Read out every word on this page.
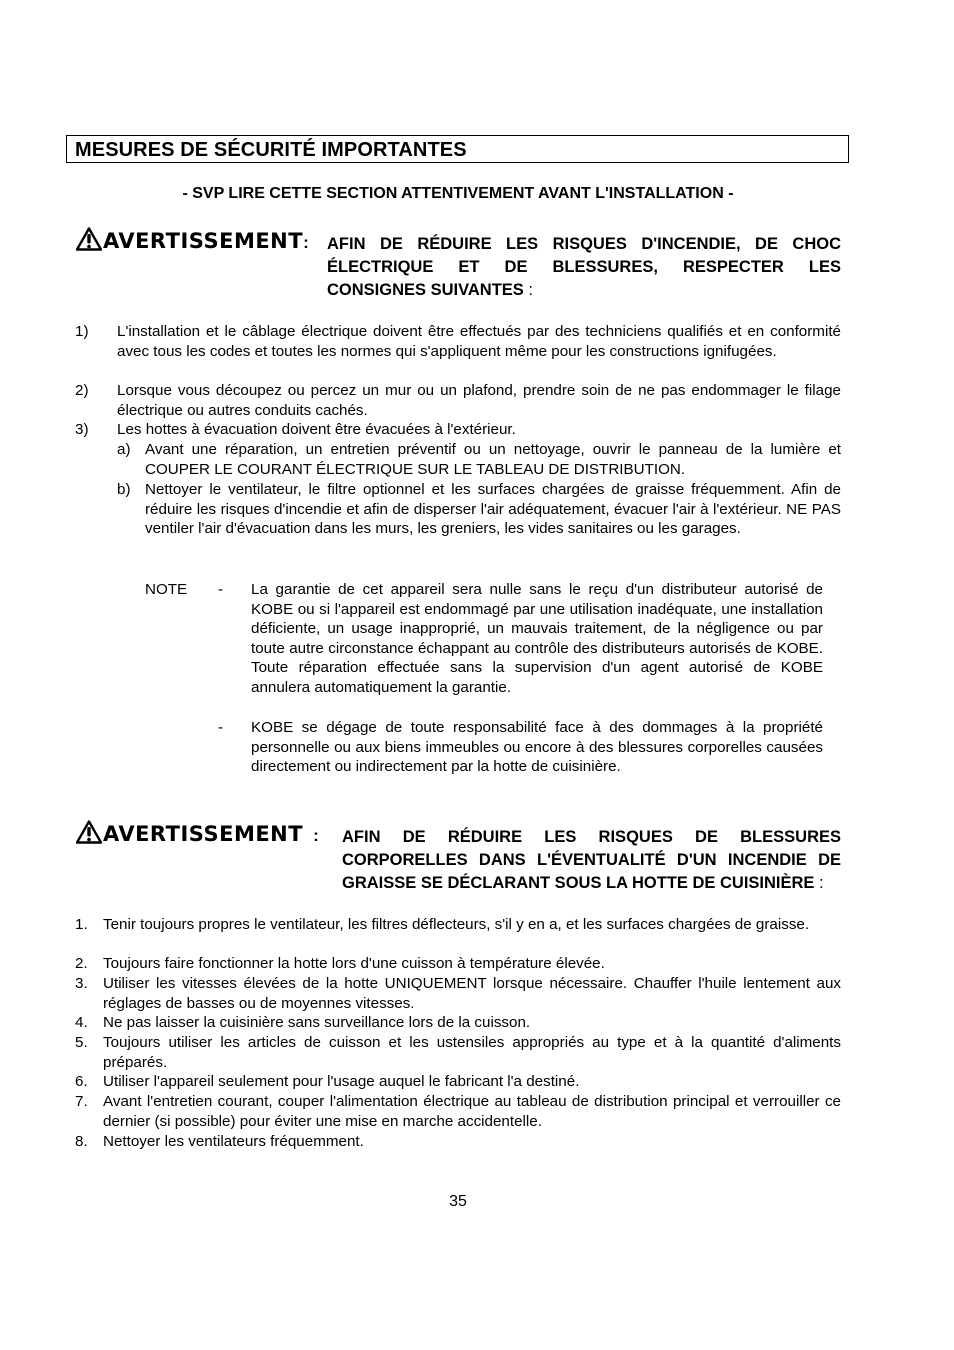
MESURES DE SÉCURITÉ IMPORTANTES
- SVP LIRE CETTE SECTION ATTENTIVEMENT AVANT L'INSTALLATION -
AVERTISSEMENT: AFIN DE RÉDUIRE LES RISQUES D'INCENDIE, DE CHOC ÉLECTRIQUE ET DE BLESSURES, RESPECTER LES CONSIGNES SUIVANTES :
1) L'installation et le câblage électrique doivent être effectués par des techniciens qualifiés et en conformité avec tous les codes et toutes les normes qui s'appliquent même pour les constructions ignifugées.
2) Lorsque vous découpez ou percez un mur ou un plafond, prendre soin de ne pas endommager le filage électrique ou autres conduits cachés.
3) Les hottes à évacuation doivent être évacuées à l'extérieur.
a) Avant une réparation, un entretien préventif ou un nettoyage, ouvrir le panneau de la lumière et COUPER LE COURANT ÉLECTRIQUE SUR LE TABLEAU DE DISTRIBUTION.
b) Nettoyer le ventilateur, le filtre optionnel et les surfaces chargées de graisse fréquemment. Afin de réduire les risques d'incendie et afin de disperser l'air adéquatement, évacuer l'air à l'extérieur. NE PAS ventiler l'air d'évacuation dans les murs, les greniers, les vides sanitaires ou les garages.
NOTE - La garantie de cet appareil sera nulle sans le reçu d'un distributeur autorisé de KOBE ou si l'appareil est endommagé par une utilisation inadéquate, une installation déficiente, un usage inapproprié, un mauvais traitement, de la négligence ou par toute autre circonstance échappant au contrôle des distributeurs autorisés de KOBE. Toute réparation effectuée sans la supervision d'un agent autorisé de KOBE annulera automatiquement la garantie.
- KOBE se dégage de toute responsabilité face à des dommages à la propriété personnelle ou aux biens immeubles ou encore à des blessures corporelles causées directement ou indirectement par la hotte de cuisinière.
AVERTISSEMENT : AFIN DE RÉDUIRE LES RISQUES DE BLESSURES CORPORELLES DANS L'ÉVENTUALITÉ D'UN INCENDIE DE GRAISSE SE DÉCLARANT SOUS LA HOTTE DE CUISINIÈRE :
1. Tenir toujours propres le ventilateur, les filtres déflecteurs, s'il y en a, et les surfaces chargées de graisse.
2. Toujours faire fonctionner la hotte lors d'une cuisson à température élevée.
3. Utiliser les vitesses élevées de la hotte UNIQUEMENT lorsque nécessaire. Chauffer l'huile lentement aux réglages de basses ou de moyennes vitesses.
4. Ne pas laisser la cuisinière sans surveillance lors de la cuisson.
5. Toujours utiliser les articles de cuisson et les ustensiles appropriés au type et à la quantité d'aliments préparés.
6. Utiliser l'appareil seulement pour l'usage auquel le fabricant l'a destiné.
7. Avant l'entretien courant, couper l'alimentation électrique au tableau de distribution principal et verrouiller ce dernier (si possible) pour éviter une mise en marche accidentelle.
8. Nettoyer les ventilateurs fréquemment.
35
